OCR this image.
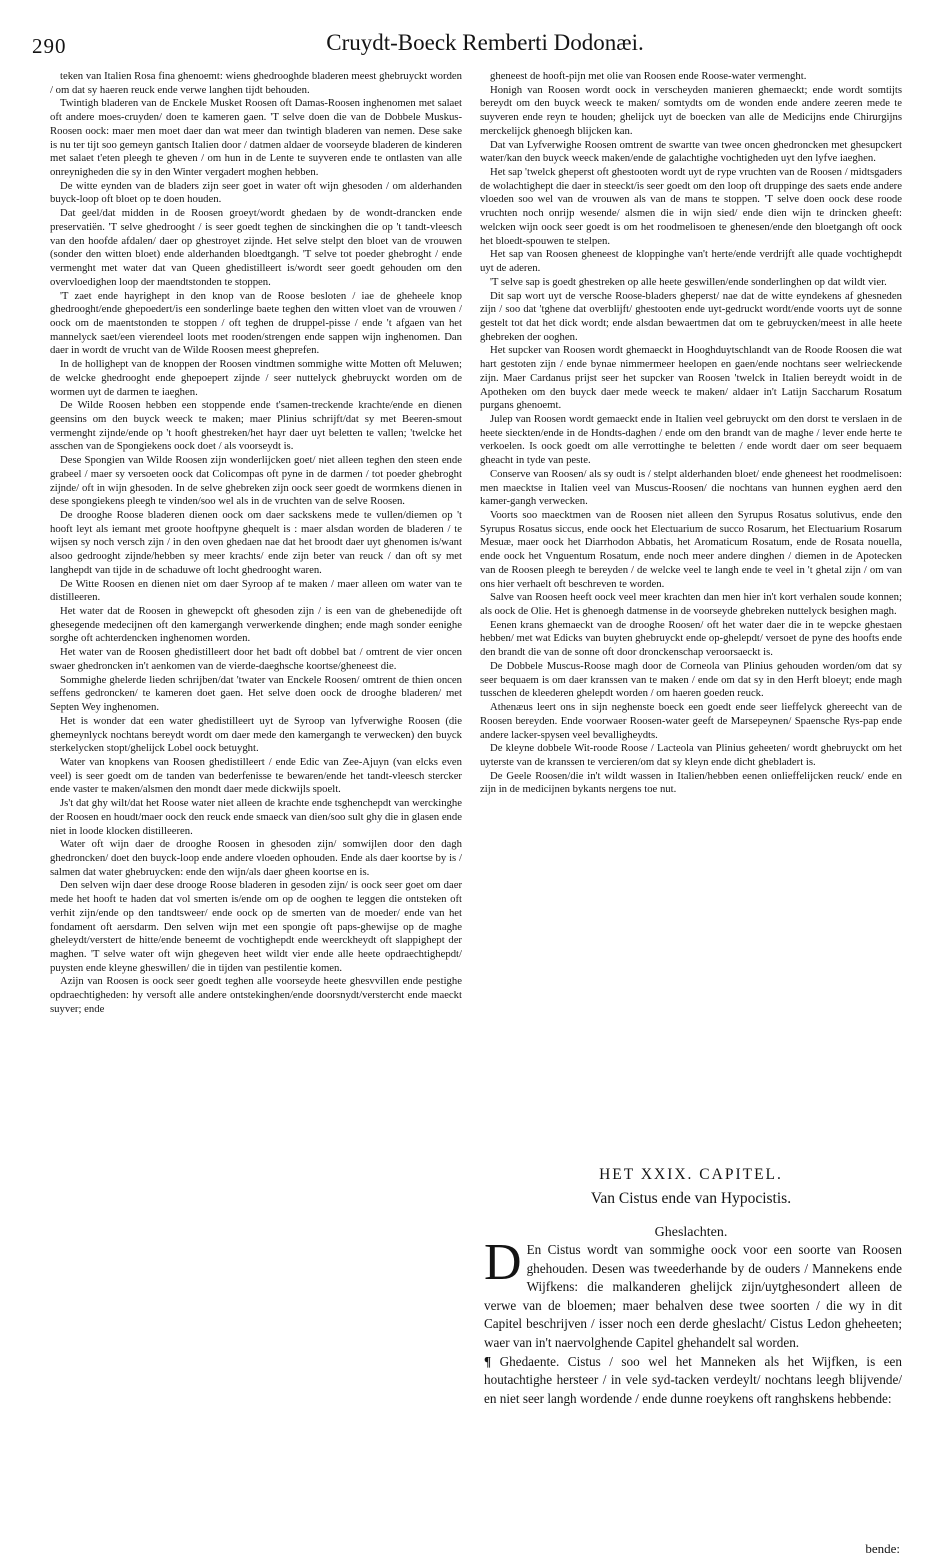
290	Cruydt-Boeck Remberti Dodonæi.

teken van Italien Rosa fina ghenoemt: wiens ghedrooghde bladeren meest ghebruyckt worden / om dat sy haeren reuck ende verwe langhen tijdt behouden.

Twintigh bladeren van de Enckele Musket Roosen oft Damas-Roosen inghenomen met salaet oft andere moes-cruyden/ doen te kameren gaen. 'T selve doen die van de Dobbele Muskus-Roosen oock: maer men moet daer dan wat meer dan twintigh bladeren van nemen. Dese sake is nu ter tijt soo gemeyn gantsch Italien door / datmen aldaer de voorseyde bladeren de kinderen met salaet t'eten pleegh te gheven / om hun in de Lente te suyveren ende te ontlasten van alle onreynigheden die sy in den Winter vergadert moghen hebben.

De witte eynden van de bladers zijn seer goet in water oft wijn ghesoden / om alderhanden buyck-loop oft bloet op te doen houden.

Dat geel/dat midden in de Roosen groeyt/wordt ghedaen by de wondt-drancken ende preservatiën. 'T selve ghedrooght / is seer goedt teghen de sinckinghen die op 't tandt-vleesch van den hoofde afdalen/ daer op ghestroyet zijnde. Het selve stelpt den bloet van de vrouwen (sonder den witten bloet) ende alderhanden bloedtgangh. 'T selve tot poeder ghebroght / ende vermenght met water dat van Queen ghedistilleert is/wordt seer goedt gehouden om den overvloedighen loop der maendtstonden te stoppen.

'T zaet ende hayrighept in den knop van de Roose besloten / iae de gheheele knop ghedrooght/ende ghepoedert/is een sonderlinge baete teghen den witten vloet van de vrouwen / oock om de maentstonden te stoppen / oft teghen de druppel-pisse / ende 't afgaen van het mannelyck saet/een vierendeel loots met rooden/strengen ende sappen wijn inghenomen. Dan daer in wordt de vrucht van de Wilde Roosen meest gheprefen.

In de hollighept van de knoppen der Roosen vindtmen sommighe witte Motten oft Meluwen; de welcke ghedrooght ende ghepoepert zijnde / seer nuttelyck ghebruyckt worden om de wormen uyt de darmen te iaeghen.

De Wilde Roosen hebben een stoppende ende t'samen-treckende krachte/ende en dienen geensins om den buyck weeck te maken; maer Plinius schrijft/dat sy met Beeren-smout vermenght zijnde/ende op 't hooft ghestreken/het hayr daer uyt beletten te vallen; 'twelcke het asschen van de Spongiekens oock doet / als voorseydt is.

Dese Spongien van Wilde Roosen zijn wonderlijcken goet/ niet alleen teghen den steen ende grabeel / maer sy versoeten oock dat Colicompas oft pyne in de darmen / tot poeder ghebroght zijnde/ oft in wijn ghesoden. In de selve ghebreken zijn oock seer goedt de wormkens dienen in dese spongiekens pleegh te vinden/soo wel als in de vruchten van de selve Roosen.

De drooghe Roose bladeren dienen oock om daer sackskens mede te vullen/diemen op 't hooft leyt als iemant met groote hooftpyne ghequelt is : maer alsdan worden de bladeren / te wijsen sy noch versch zijn / in den oven ghedaen nae dat het broodt daer uyt ghenomen is/want alsoo gedrooght zijnde/hebben sy meer krachts/ ende zijn beter van reuck / dan oft sy met langhepdt van tijde in de schaduwe oft locht ghedrooght waren.

De Witte Roosen en dienen niet om daer Syroop af te maken / maer alleen om water van te distilleeren.

Het water dat de Roosen in ghewepckt oft ghesoden zijn / is een van de ghebenedijde oft ghesegende medecijnen oft den kamergangh verwerkende dinghen; ende magh sonder eenighe sorghe oft achterdencken inghenomen worden.

Het water van de Roosen ghedistilleert door het badt oft dobbel bat / omtrent de vier oncen swaer ghedroncken in't aenkomen van de vierde-daeghsche koortse/gheneest die.

Sommighe ghelerde lieden schrijben/dat 'twater van Enckele Roosen/ omtrent de thien oncen seffens gedroncken/ te kameren doet gaen. Het selve doen oock de drooghe bladeren/ met Septen Wey inghenomen.

Het is wonder dat een water ghedistilleert uyt de Syroop van lyfverwighe Roosen (die ghemeynlyck nochtans bereydt wordt om daer mede den kamergangh te verwecken) den buyck sterkelycken stopt/ghelijck Lobel oock betuyght.

Water van knopkens van Roosen ghedistilleert / ende Edic van Zee-Ajuyn (van elcks even veel) is seer goedt om de tanden van bederfenisse te bewaren/ende het tandt-vleesch stercker ende vaster te maken/alsmen den mondt daer mede dickwijls spoelt.

Js't dat ghy wilt/dat het Roose water niet alleen de krachte ende tsghenchepdt van werckinghe der Roosen en houdt/maer oock den reuck ende smaeck van dien/soo sult ghy die in glasen ende niet in loode klocken distilleeren.

Water oft wijn daer de drooghe Roosen in ghesoden zijn/ somwijlen door den dagh ghedroncken/ doet den buyck-loop ende andere vloeden ophouden. Ende als daer koortse by is / salmen dat water ghebruycken: ende den wijn/als daer gheen koortse en is.

Den selven wijn daer dese drooge Roose bladeren in gesoden zijn/ is oock seer goet om daer mede het hooft te haden dat vol smerten is/ende om op de ooghen te leggen die ontsteken oft verhit zijn/ende op den tandtsweer/ ende oock op de smerten van de moeder/ ende van het fondament oft aersdarm. Den selven wijn met een spongie oft paps-ghewijse op de maghe gheleydt/verstert de hitte/ende beneemt de vochtighepdt ende weerckheydt oft slappighept der maghen. 'T selve water oft wijn ghegeven heet wildt vier ende alle heete opdraechtighepdt/ puysten ende kleyne gheswillen/ die in tijden van pestilentie komen.

Azijn van Roosen is oock seer goedt teghen alle voorseyde heete ghesvvillen ende pestighe opdraechtigheden: hy versoft alle andere ontstekinghen/ende doorsnydt/verstercht ende maeckt suyver; ende

gheneest de hooft-pijn met olie van Roosen ende Roose-water vermenght.

Honigh van Roosen wordt oock in verscheyden manieren ghemaeckt; ende wordt somtijts bereydt om den buyck weeck te maken/ somtydts om de wonden ende andere zeeren mede te suyveren ende reyn te houden; ghelijck uyt de boecken van alle de Medicijns ende Chirurgijns merckelijck ghenoegh blijcken kan.

Dat van Lyfverwighe Roosen omtrent de swartte van twee oncen ghedroncken met ghesupckert water/kan den buyck weeck maken/ende de galachtighe vochtigheden uyt den lyfve iaeghen.

Het sap 'twelck gheperst oft ghestooten wordt uyt de rype vruchten van de Roosen / midtsgaders de wolachtighept die daer in steeckt/is seer goedt om den loop oft druppinge des saets ende andere vloeden soo wel van de vrouwen als van de mans te stoppen. 'T selve doen oock dese roode vruchten noch onrijp wesende/ alsmen die in wijn sied/ ende dien wijn te drincken gheeft: welcken wijn oock seer goedt is om het roodmelisoen te ghenesen/ende den bloetgangh oft oock het bloedt-spouwen te stelpen.

Het sap van Roosen gheneest de kloppinghe van't herte/ende verdrijft alle quade vochtighepdt uyt de aderen.

'T selve sap is goedt ghestreken op alle heete geswillen/ende sonderlinghen op dat wildt vier.

Dit sap wort uyt de versche Roose-bladers gheperst/ nae dat de witte eyndekens af ghesneden zijn / soo dat 'tghene dat overblijft/ ghestooten ende uyt-gedruckt wordt/ende voorts uyt de sonne gestelt tot dat het dick wordt; ende alsdan bewaertmen dat om te gebruycken/meest in alle heete ghebreken der ooghen.

Het supcker van Roosen wordt ghemaeckt in Hooghduytschlandt van de Roode Roosen die wat hart gestoten zijn / ende bynae nimmermeer heelopen en gaen/ende nochtans seer welrieckende zijn. Maer Cardanus prijst seer het supcker van Roosen 'twelck in Italien bereydt woidt in de Apotheken om den buyck daer mede weeck te maken/ aldaer in't Latijn Saccharum Rosatum purgans ghenoemt.

Julep van Roosen wordt gemaeckt ende in Italien veel gebruyckt om den dorst te verslaen in de heete sieckten/ende in de Hondts-daghen / ende om den brandt van de maghe / lever ende herte te verkoelen. Is oock goedt om alle verrottinghe te beletten / ende wordt daer om seer bequaem gheacht in tyde van peste.

Conserve van Roosen/ als sy oudt is / stelpt alderhanden bloet/ ende gheneest het roodmelisoen: men maecktse in Italien veel van Muscus-Roosen/ die nochtans van hunnen eyghen aerd den kamer-gangh verwecken.

Voorts soo maecktmen van de Roosen niet alleen den Syrupus Rosatus solutivus, ende den Syrupus Rosatus siccus, ende oock het Electuarium de succo Rosarum, het Electuarium Rosarum Mesuæ, maer oock het Diarrhodon Abbatis, het Aromaticum Rosatum, ende de Rosata nouella, ende oock het Vnguentum Rosatum, ende noch meer andere dinghen / diemen in de Apotecken van de Roosen pleegh te bereyden / de welcke veel te langh ende te veel in 't ghetal zijn / om van ons hier verhaelt oft beschreven te worden.

Salve van Roosen heeft oock veel meer krachten dan men hier in't kort verhalen soude konnen; als oock de Olie. Het is ghenoegh datmense in de voorseyde ghebreken nuttelyck besighen magh.

Eenen krans ghemaeckt van de drooghe Roosen/ oft het water daer die in te wepcke ghestaen hebben/ met wat Edicks van buyten ghebruyckt ende op-ghelepdt/ versoet de pyne des hoofts ende den brandt die van de sonne oft door dronckenschap veroorsaeckt is.

De Dobbele Muscus-Roose magh door de Corneola van Plinius gehouden worden/om dat sy seer bequaem is om daer kranssen van te maken / ende om dat sy in den Herft bloeyt; ende magh tusschen de kleederen ghelepdt worden / om haeren goeden reuck.

Athenæus leert ons in sijn neghenste boeck een goedt ende seer lieffelyck ghereecht van de Roosen bereyden. Ende voorwaer Roosen-water geeft de Marsepeynen/ Spaensche Rys-pap ende andere lacker-spysen veel bevalligheydts.

De kleyne dobbele Wit-roode Roose / Lacteola van Plinius geheeten/ wordt ghebruyckt om het uyterste van de kranssen te vercieren/om dat sy kleyn ende dicht ghebladert is.

De Geele Roosen/die in't wildt wassen in Italien/hebben eenen onlieffelijcken reuck/ ende en zijn in de medicijnen bykants nergens toe nut.

HET XXIX. CAPITEL.
Van Cistus ende van Hypocistis.
Gheslachten.

D En Cistus wordt van sommighe oock voor een soorte van Roosen ghehouden. Desen was tweederhande by de ouders / Mannekens ende Wijfkens: die malkanderen ghelijck zijn/uytghesondert alleen de verwe van de bloemen; maer behalven dese twee soorten / die wy in dit Capitel beschrijven / isser noch een derde gheslacht/ Cistus Ledon gheheeten; waer van in't naervolghende Capitel ghehandelt sal worden.

¶ Ghedaente. Cistus / soo wel het Manneken als het Wijfken, is een houtachtighe hersteer / in vele syd-tacken verdeylt/ nochtans leegh blijvende/ en niet seer langh wordende / ende dunne roeykens oft ranghskens hebbende:

bende:
